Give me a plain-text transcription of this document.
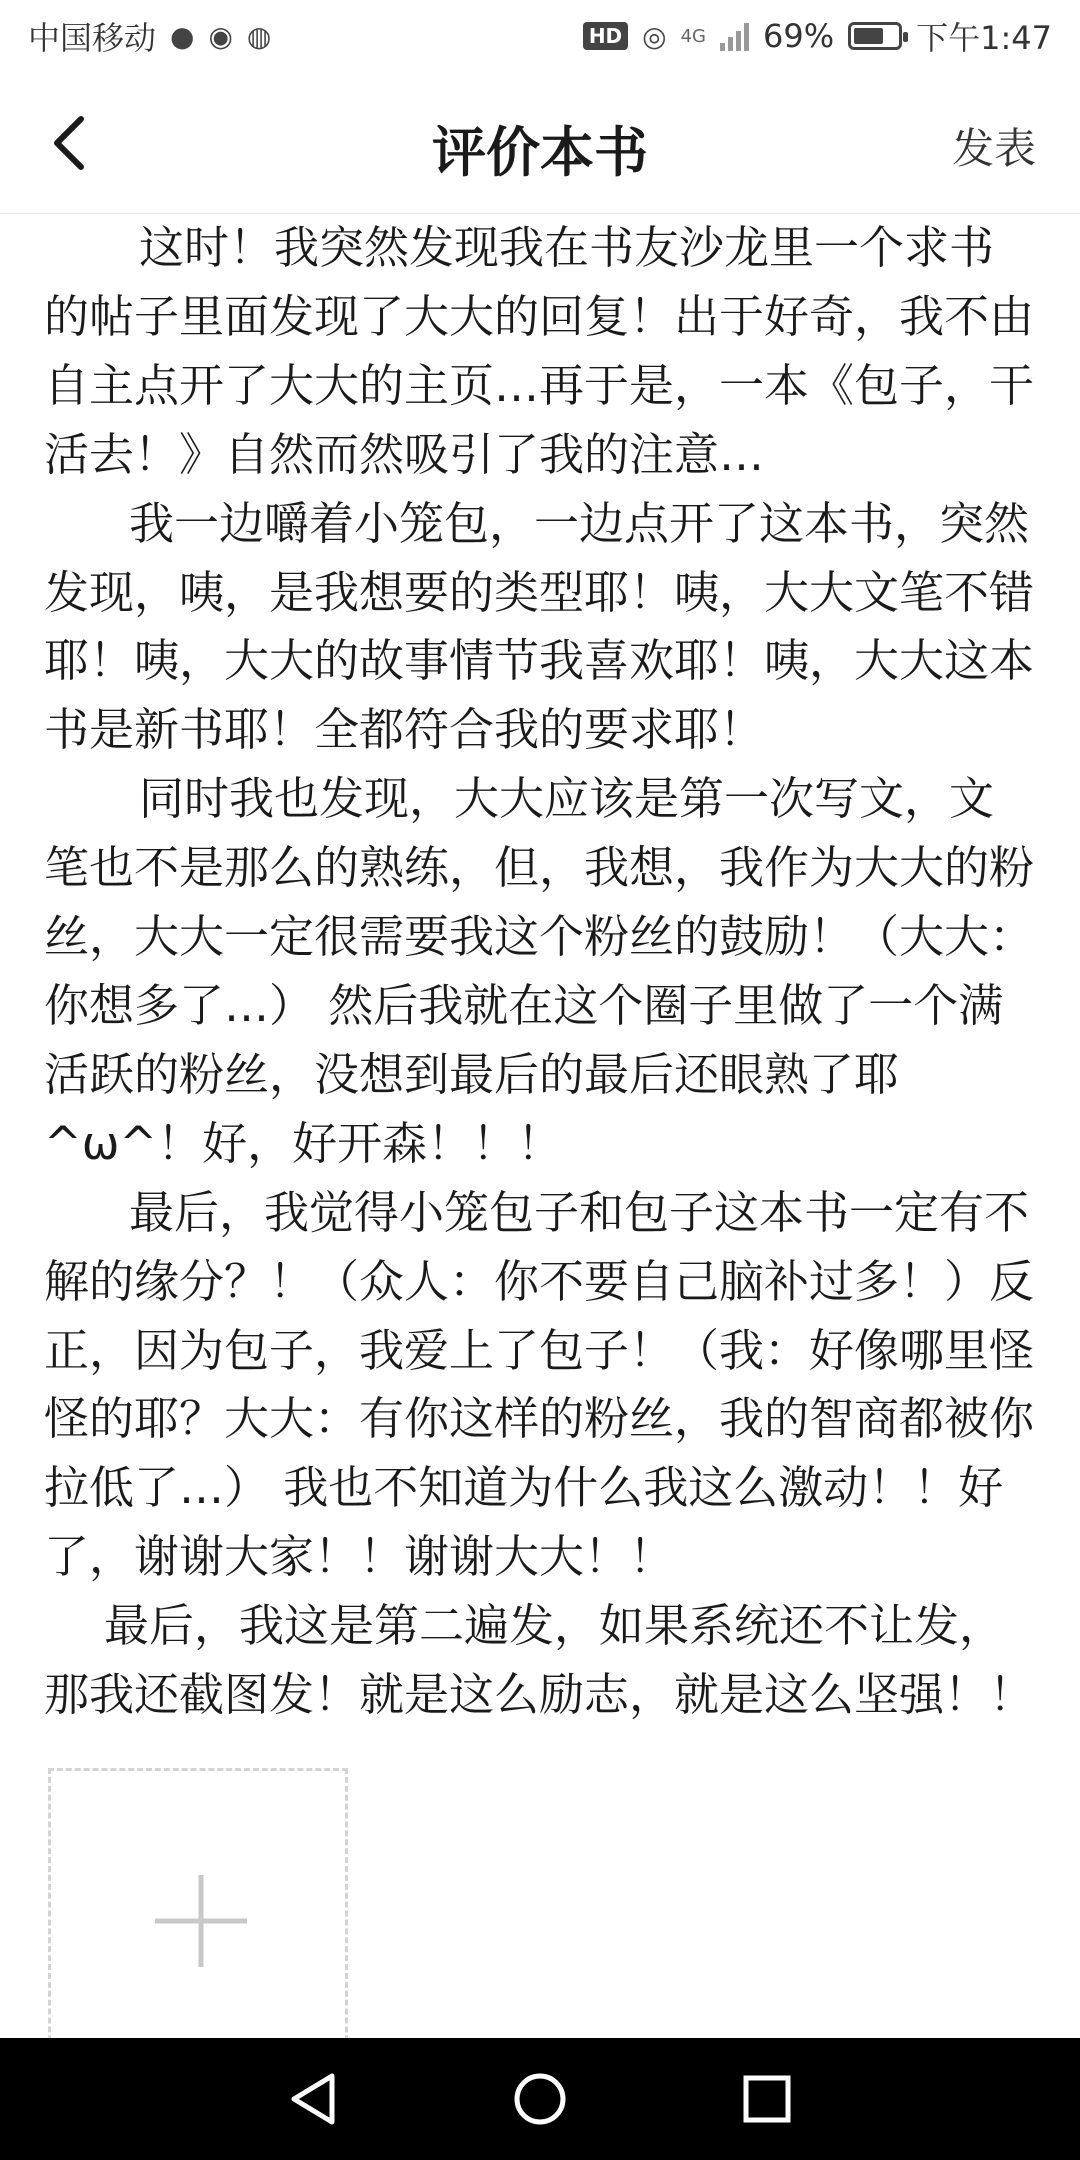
中国移动 ● ◉ ◍	HD ◎ 4G 69%	下午1:47
评价本书	发表

这时！我突然发现我在书友沙龙里一个求书的帖子里面发现了大大的回复！出于好奇，我不由自主点开了大大的主页…再于是，一本《包子，干活去！》自然而然吸引了我的注意…

我一边嚼着小笼包，一边点开了这本书，突然发现，咦，是我想要的类型耶！咦，大大文笔不错耶！咦，大大的故事情节我喜欢耶！咦，大大这本书是新书耶！全都符合我的要求耶！

同时我也发现，大大应该是第一次写文，文笔也不是那么的熟练，但，我想，我作为大大的粉丝，大大一定很需要我这个粉丝的鼓励！（大大：你想多了…） 然后我就在这个圈子里做了一个满活跃的粉丝，没想到最后的最后还眼熟了耶^ω^！好，好开森！！！

最后，我觉得小笼包子和包子这本书一定有不解的缘分？！（众人：你不要自己脑补过多！）反正，因为包子，我爱上了包子！（我：好像哪里怪怪的耶？大大：有你这样的粉丝，我的智商都被你拉低了…） 我也不知道为什么我这么激动！！好了，谢谢大家！！谢谢大大！！

最后，我这是第二遍发，如果系统还不让发，那我还截图发！就是这么励志，就是这么坚强！！
